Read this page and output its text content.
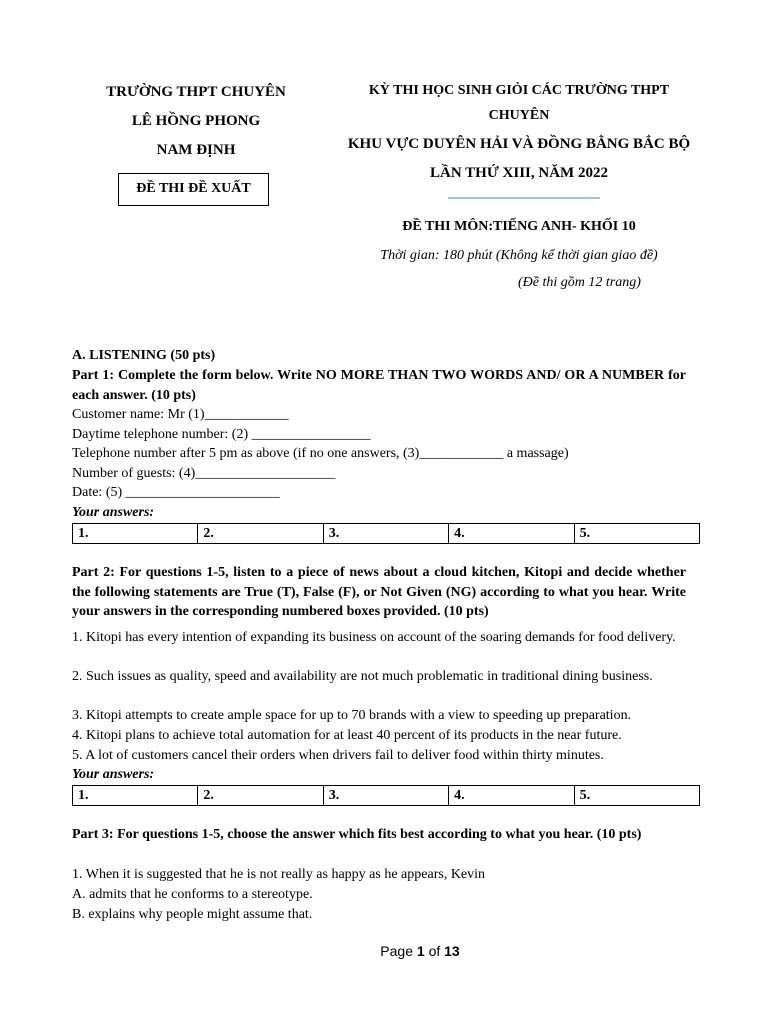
TRƯỜNG THPT CHUYÊN
LÊ HỒNG PHONG
NAM ĐỊNH
ĐỀ THI ĐỀ XUẤT
KỲ THI HỌC SINH GIỎI CÁC TRƯỜNG THPT
CHUYÊN
KHU VỰC DUYÊN HẢI VÀ ĐỒNG BẰNG BẮC BỘ
LẦN THỨ XIII, NĂM 2022
ĐỀ THI MÔN:TIẾNG ANH- KHỐI 10
Thời gian: 180 phút (Không kể thời gian giao đề)
(Đề thi gồm 12 trang)
A. LISTENING (50 pts)
Part 1: Complete the form below. Write NO MORE THAN TWO WORDS AND/ OR A NUMBER for each answer. (10 pts)
Customer name: Mr (1)____________
Daytime telephone number: (2) _________________
Telephone number after 5 pm as above (if no one answers, (3)____________ a massage)
Number of guests: (4)____________________
Date: (5) ______________________
Your answers:
1.	2.	3.	4.	5.
Part 2: For questions 1-5, listen to a piece of news about a cloud kitchen, Kitopi and decide whether the following statements are True (T), False (F), or Not Given (NG) according to what you hear. Write your answers in the corresponding numbered boxes provided. (10 pts)
1. Kitopi has every intention of expanding its business on account of the soaring demands for food delivery.
2. Such issues as quality, speed and availability are not much problematic in traditional dining business.
3. Kitopi attempts to create ample space for up to 70 brands with a view to speeding up preparation.
4. Kitopi plans to achieve total automation for at least 40 percent of its products in the near future.
5. A lot of customers cancel their orders when drivers fail to deliver food within thirty minutes.
Your answers:
1.	2.	3.	4.	5.
Part 3: For questions 1-5, choose the answer which fits best according to what you hear. (10 pts)
1. When it is suggested that he is not really as happy as he appears, Kevin
A. admits that he conforms to a stereotype.
B. explains why people might assume that.
Page 1 of 13
